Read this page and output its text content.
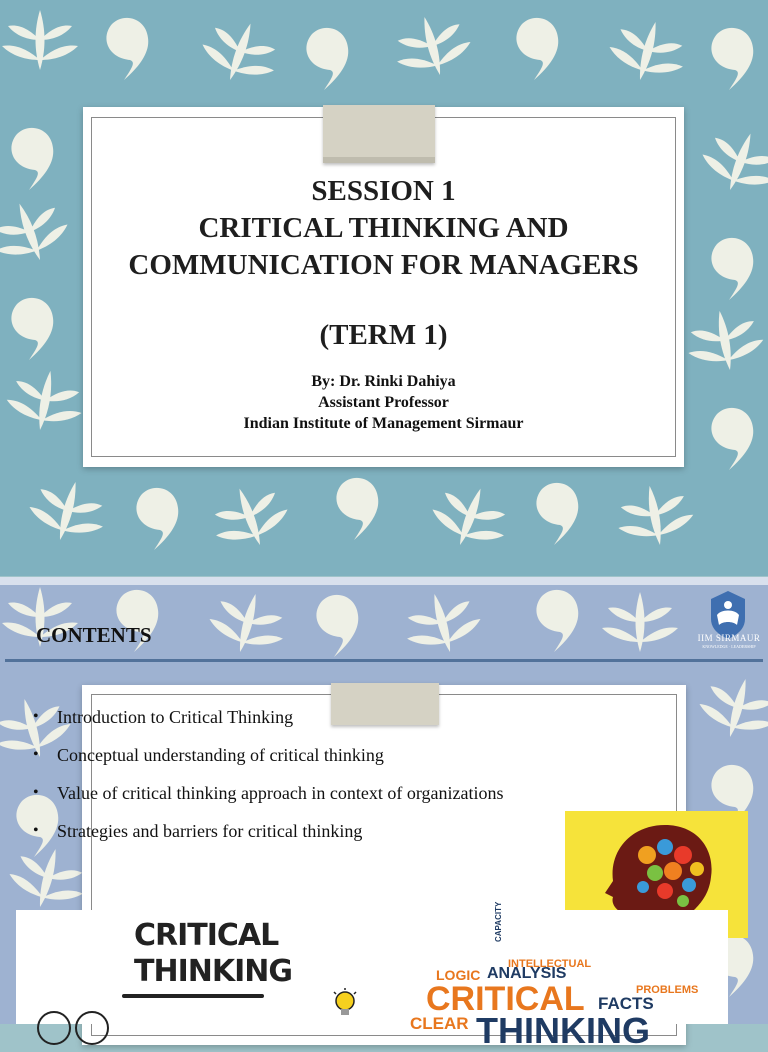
SESSION 1
CRITICAL THINKING AND
COMMUNICATION FOR MANAGERS
(TERM 1)
By: Dr. Rinki Dahiya
Assistant Professor
Indian Institute of Management Sirmaur
CONTENTS	IIM SIRMAUR
KNOWLEDGE · LEADERSHIP
• Introduction to Critical Thinking
• Conceptual understanding of critical thinking
• Value of critical thinking approach in context of organizations
• Strategies and barriers for critical thinking
CRITICAL
THINKING
CAPACITY
INTELLECTUAL
LOGIC ANALYSIS
PROBLEMS
CRITICAL FACTS
CLEAR THINKING
